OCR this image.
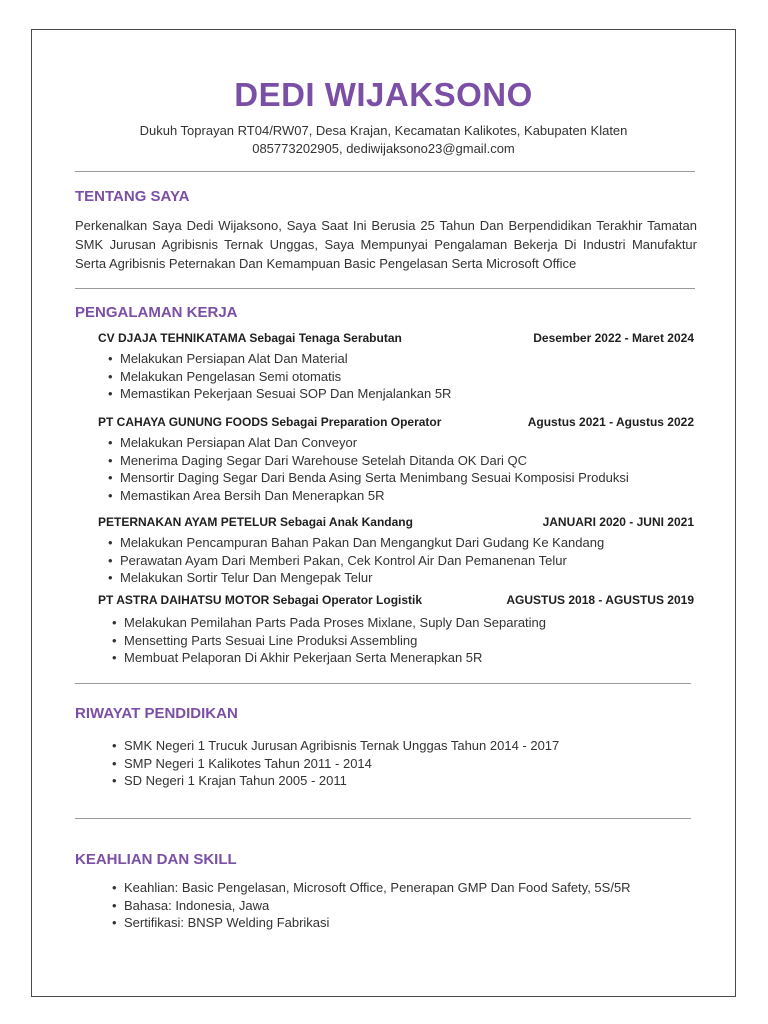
DEDI WIJAKSONO
Dukuh Toprayan RT04/RW07, Desa Krajan, Kecamatan Kalikotes, Kabupaten Klaten
085773202905, dediwijaksono23@gmail.com
TENTANG SAYA
Perkenalkan Saya Dedi Wijaksono, Saya Saat Ini Berusia 25 Tahun Dan Berpendidikan Terakhir Tamatan SMK Jurusan Agribisnis Ternak Unggas, Saya Mempunyai Pengalaman Bekerja Di Industri Manufaktur Serta Agribisnis Peternakan Dan Kemampuan Basic Pengelasan Serta Microsoft Office
PENGALAMAN KERJA
CV DJAJA TEHNIKATAMA Sebagai Tenaga Serabutan	Desember 2022 - Maret 2024
• Melakukan Persiapan Alat Dan Material
• Melakukan Pengelasan Semi otomatis
• Memastikan Pekerjaan Sesuai SOP Dan Menjalankan 5R
PT CAHAYA GUNUNG FOODS Sebagai Preparation Operator	Agustus 2021 - Agustus 2022
• Melakukan Persiapan Alat Dan Conveyor
• Menerima Daging Segar Dari Warehouse Setelah Ditanda OK Dari QC
• Mensortir Daging Segar Dari Benda Asing Serta Menimbang Sesuai Komposisi Produksi
• Memastikan Area Bersih Dan Menerapkan 5R
PETERNAKAN AYAM PETELUR Sebagai Anak Kandang	JANUARI 2020 - JUNI 2021
• Melakukan Pencampuran Bahan Pakan Dan Mengangkut Dari Gudang Ke Kandang
• Perawatan Ayam Dari Memberi Pakan, Cek Kontrol Air Dan Pemanenan Telur
• Melakukan Sortir Telur Dan Mengepak Telur
PT ASTRA DAIHATSU MOTOR Sebagai Operator Logistik	AGUSTUS 2018 - AGUSTUS 2019
• Melakukan Pemilahan Parts Pada Proses Mixlane, Suply Dan Separating
• Mensetting Parts Sesuai Line Produksi Assembling
• Membuat Pelaporan Di Akhir Pekerjaan Serta Menerapkan 5R
RIWAYAT PENDIDIKAN
• SMK Negeri 1 Trucuk Jurusan Agribisnis Ternak Unggas Tahun 2014 - 2017
• SMP Negeri 1 Kalikotes Tahun 2011 - 2014
• SD Negeri 1 Krajan Tahun 2005 - 2011
KEAHLIAN DAN SKILL
• Keahlian: Basic Pengelasan, Microsoft Office, Penerapan GMP Dan Food Safety, 5S/5R
• Bahasa: Indonesia, Jawa
• Sertifikasi: BNSP Welding Fabrikasi
